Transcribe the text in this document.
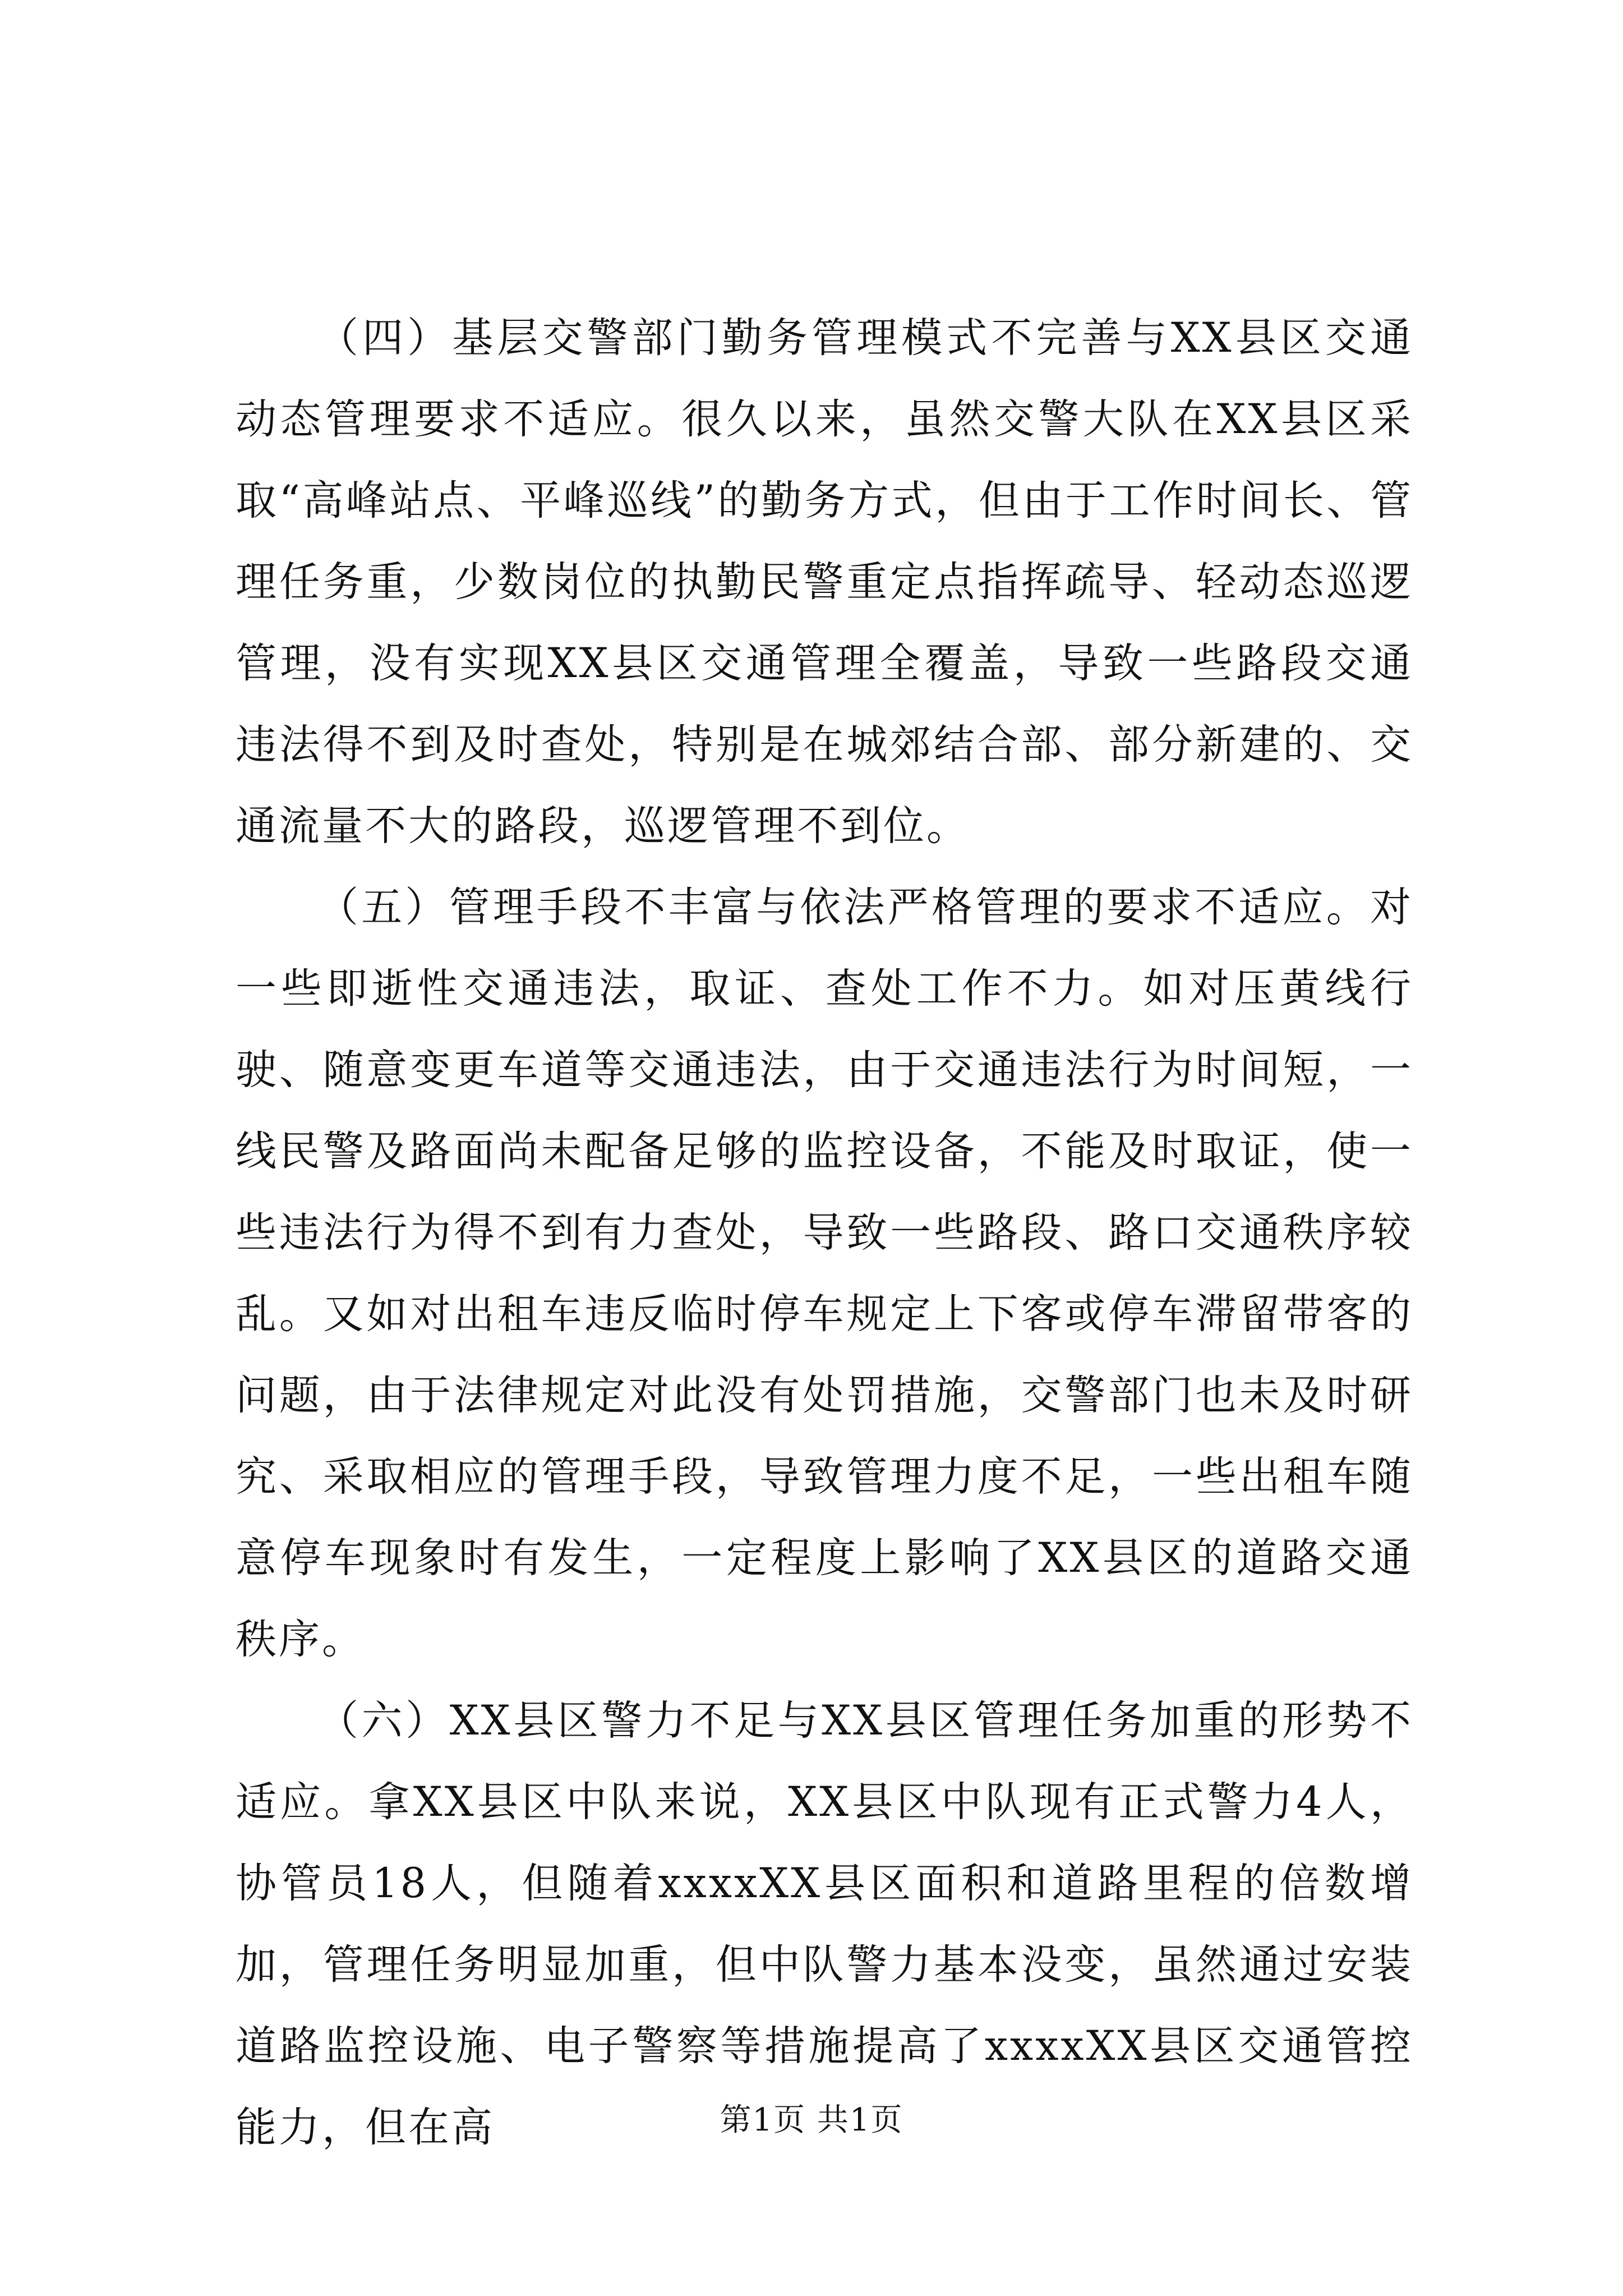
（四）基层交警部门勤务管理模式不完善与XX县区交通动态管理要求不适应。很久以来，虽然交警大队在XX县区采取“高峰站点、平峰巡线”的勤务方式，但由于工作时间长、管理任务重，少数岗位的执勤民警重定点指挥疏导、轻动态巡逻管理，没有实现XX县区交通管理全覆盖，导致一些路段交通违法得不到及时查处，特别是在城郊结合部、部分新建的、交通流量不大的路段，巡逻管理不到位。

（五）管理手段不丰富与依法严格管理的要求不适应。对一些即逝性交通违法，取证、查处工作不力。如对压黄线行驶、随意变更车道等交通违法，由于交通违法行为时间短，一线民警及路面尚未配备足够的监控设备，不能及时取证，使一些违法行为得不到有力查处，导致一些路段、路口交通秩序较乱。又如对出租车违反临时停车规定上下客或停车滞留带客的问题，由于法律规定对此没有处罚措施，交警部门也未及时研究、采取相应的管理手段，导致管理力度不足，一些出租车随意停车现象时有发生，一定程度上影响了XX县区的道路交通秩序。

（六）XX县区警力不足与XX县区管理任务加重的形势不适应。拿XX县区中队来说，XX县区中队现有正式警力4人，协管员18人，但随着xxxxXX县区面积和道路里程的倍数增加，管理任务明显加重，但中队警力基本没变，虽然通过安装道路监控设施、电子警察等措施提高了xxxxXX县区交通管控能力，但在高	第1页 共1页
